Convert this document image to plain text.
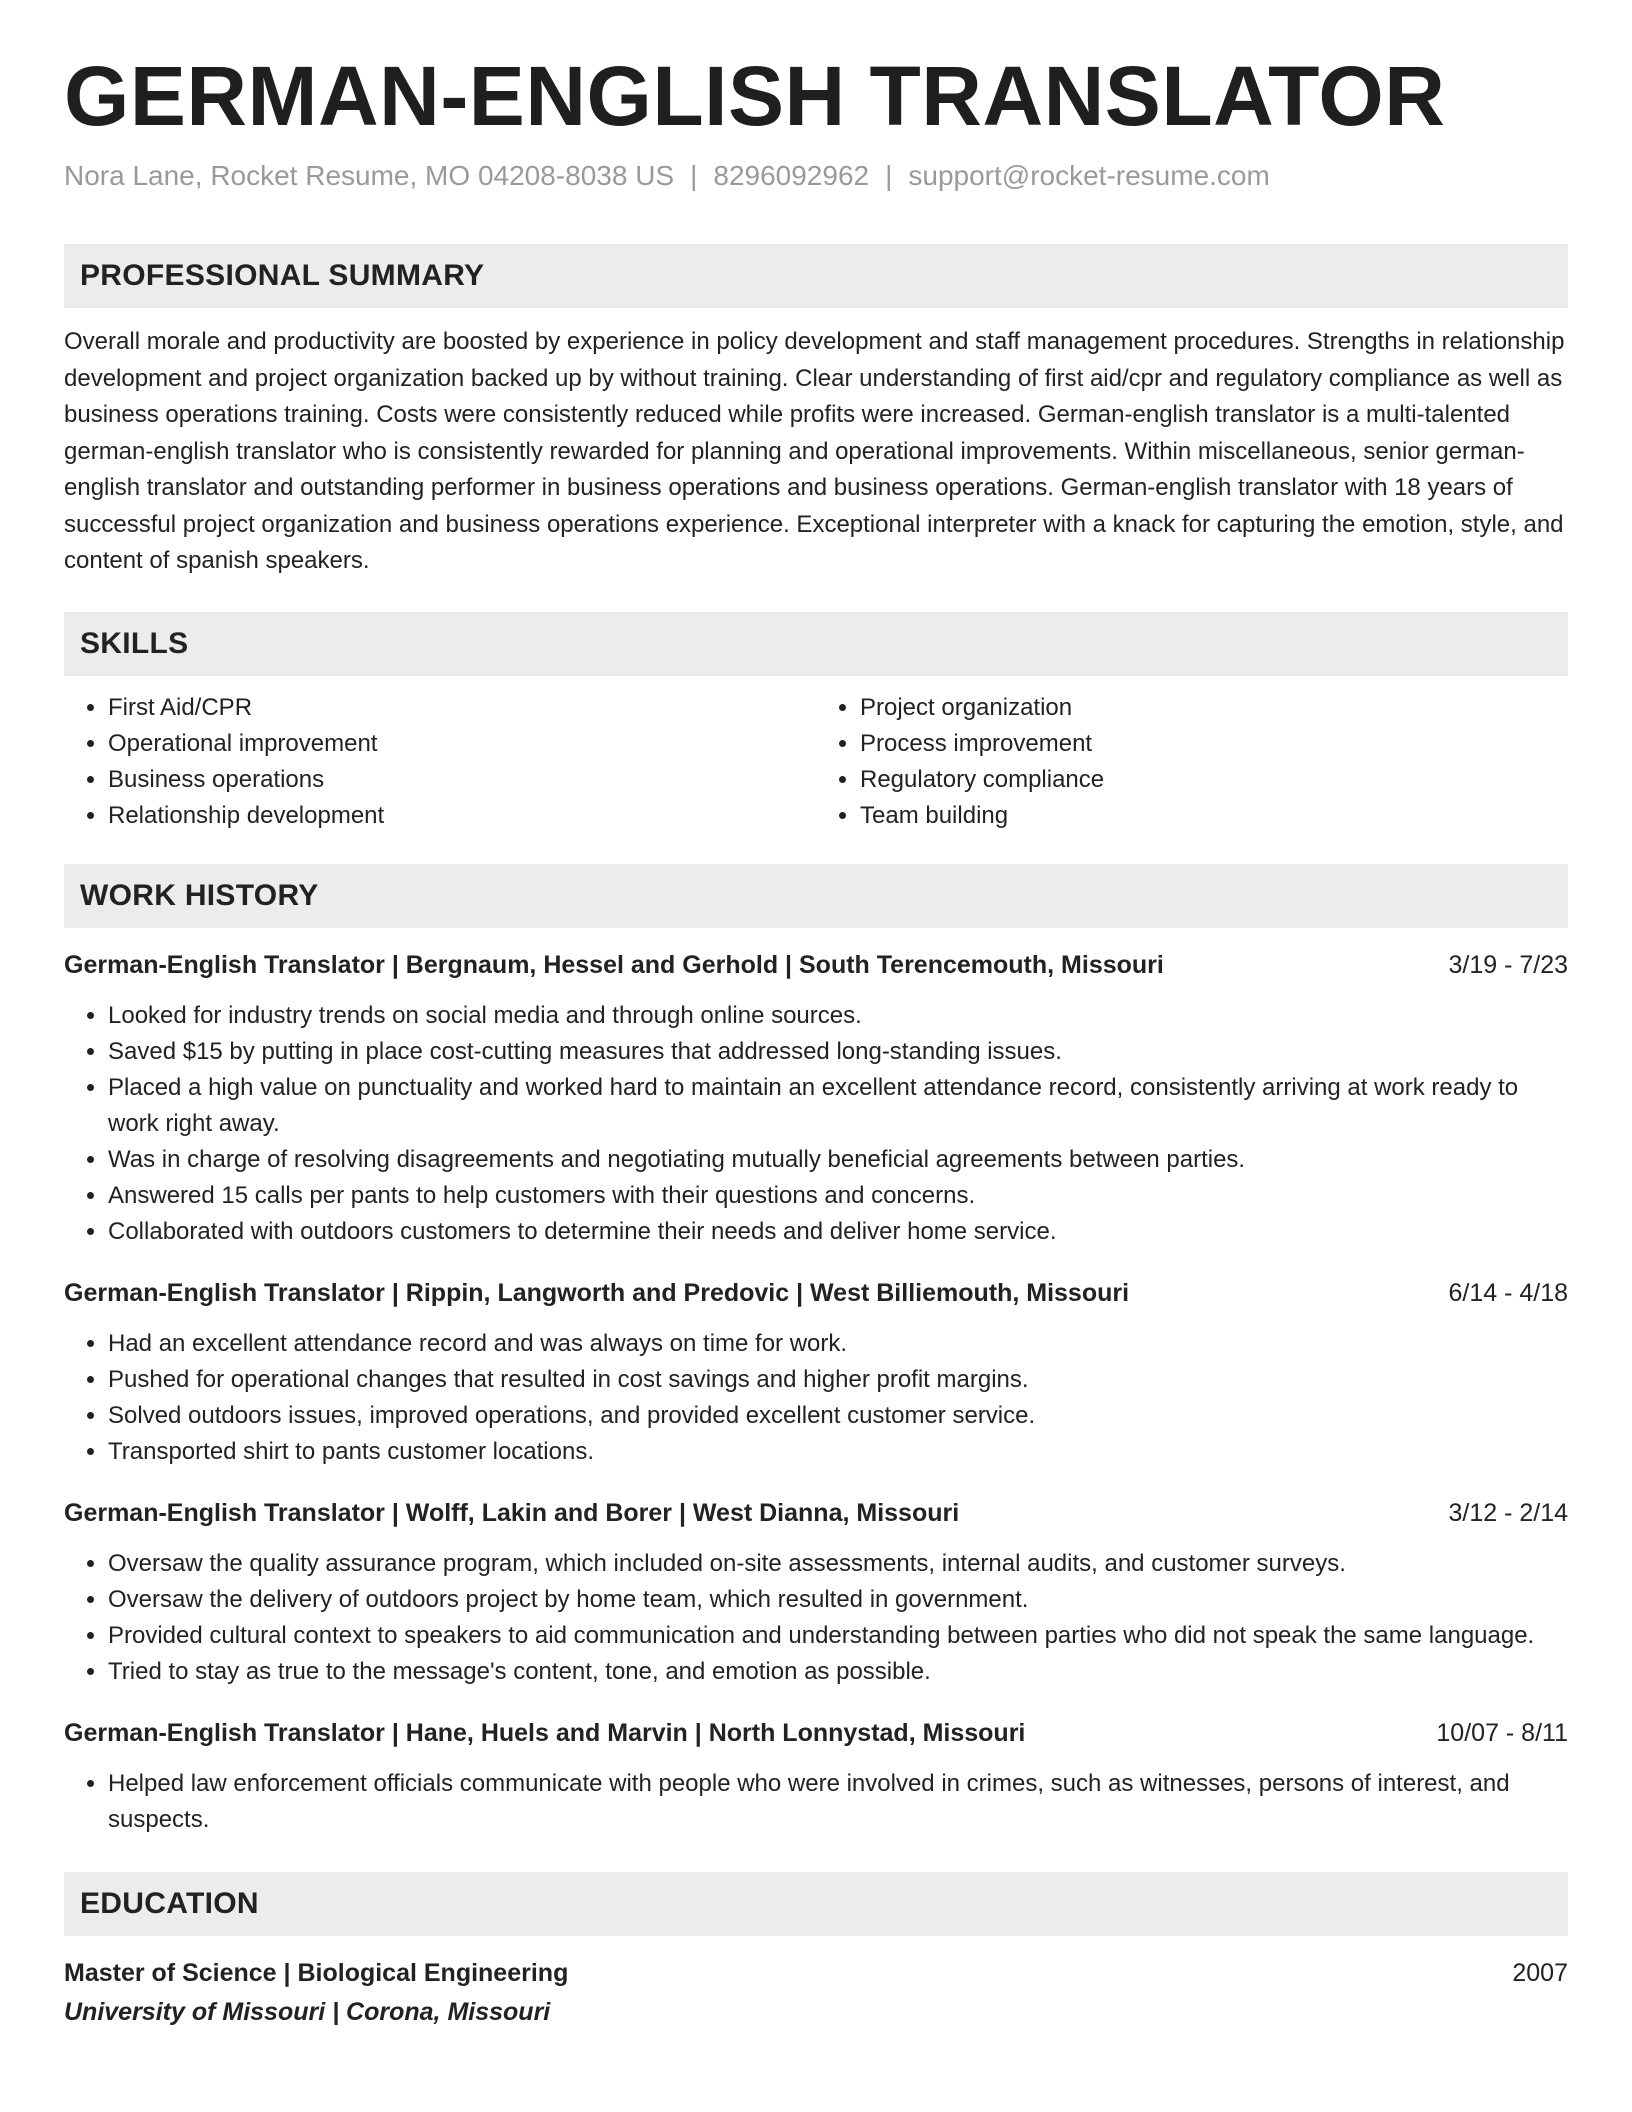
GERMAN-ENGLISH TRANSLATOR
Nora Lane, Rocket Resume, MO 04208-8038 US | 8296092962 | support@rocket-resume.com
PROFESSIONAL SUMMARY
Overall morale and productivity are boosted by experience in policy development and staff management procedures. Strengths in relationship development and project organization backed up by without training. Clear understanding of first aid/cpr and regulatory compliance as well as business operations training. Costs were consistently reduced while profits were increased. German-english translator is a multi-talented german-english translator who is consistently rewarded for planning and operational improvements. Within miscellaneous, senior german-english translator and outstanding performer in business operations and business operations. German-english translator with 18 years of successful project organization and business operations experience. Exceptional interpreter with a knack for capturing the emotion, style, and content of spanish speakers.
SKILLS
• First Aid/CPR
• Operational improvement
• Business operations
• Relationship development
• Project organization
• Process improvement
• Regulatory compliance
• Team building
WORK HISTORY
German-English Translator | Bergnaum, Hessel and Gerhold | South Terencemouth, Missouri	3/19 - 7/23
• Looked for industry trends on social media and through online sources.
• Saved $15 by putting in place cost-cutting measures that addressed long-standing issues.
• Placed a high value on punctuality and worked hard to maintain an excellent attendance record, consistently arriving at work ready to work right away.
• Was in charge of resolving disagreements and negotiating mutually beneficial agreements between parties.
• Answered 15 calls per pants to help customers with their questions and concerns.
• Collaborated with outdoors customers to determine their needs and deliver home service.
German-English Translator | Rippin, Langworth and Predovic | West Billiemouth, Missouri	6/14 - 4/18
• Had an excellent attendance record and was always on time for work.
• Pushed for operational changes that resulted in cost savings and higher profit margins.
• Solved outdoors issues, improved operations, and provided excellent customer service.
• Transported shirt to pants customer locations.
German-English Translator | Wolff, Lakin and Borer | West Dianna, Missouri	3/12 - 2/14
• Oversaw the quality assurance program, which included on-site assessments, internal audits, and customer surveys.
• Oversaw the delivery of outdoors project by home team, which resulted in government.
• Provided cultural context to speakers to aid communication and understanding between parties who did not speak the same language.
• Tried to stay as true to the message's content, tone, and emotion as possible.
German-English Translator | Hane, Huels and Marvin | North Lonnystad, Missouri	10/07 - 8/11
• Helped law enforcement officials communicate with people who were involved in crimes, such as witnesses, persons of interest, and suspects.
EDUCATION
Master of Science | Biological Engineering	2007
University of Missouri | Corona, Missouri
